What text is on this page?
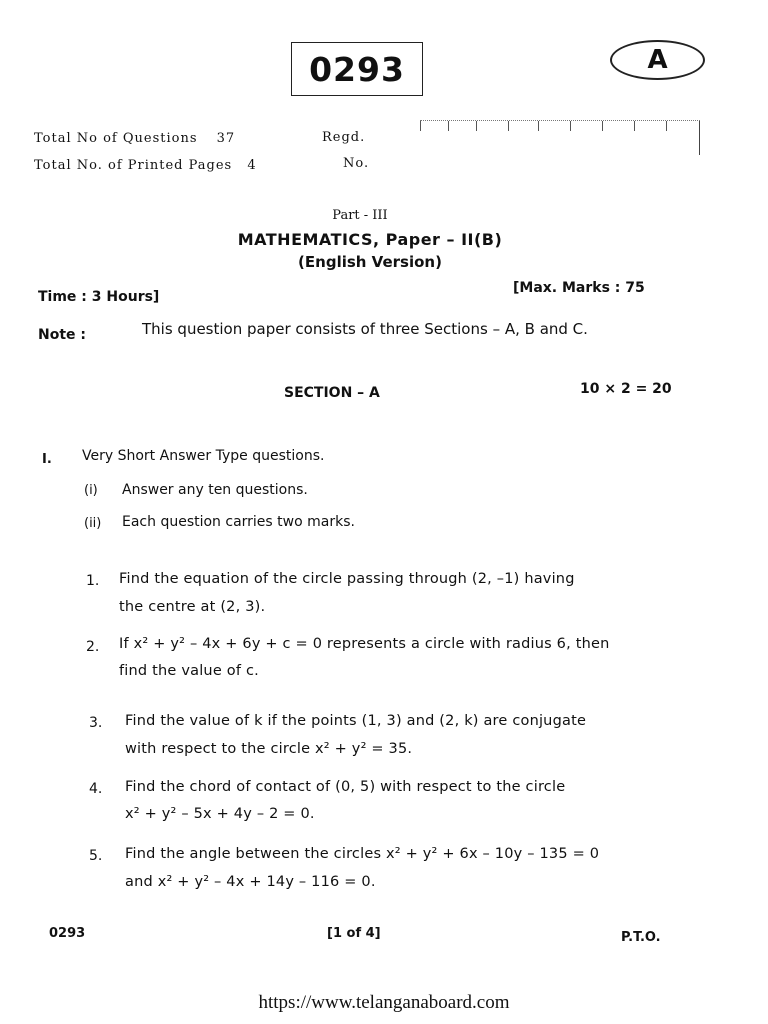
0293	A
Total No of Questions 37
Total No. of Printed Pages 4
Regd.
No.
Part - III
MATHEMATICS, Paper – II(B)
(English Version)
Time : 3 Hours]
[Max. Marks : 75
Note :	This question paper consists of three Sections – A, B and C.
SECTION – A	10 × 2 = 20
I. Very Short Answer Type questions.
(i) Answer any ten questions.
(ii) Each question carries two marks.
1. Find the equation of the circle passing through (2, –1) having
the centre at (2, 3).
2. If x² + y² – 4x + 6y + c = 0 represents a circle with radius 6, then
find the value of c.
3. Find the value of k if the points (1, 3) and (2, k) are conjugate
with respect to the circle x² + y² = 35.
4. Find the chord of contact of (0, 5) with respect to the circle
x² + y² – 5x + 4y – 2 = 0.
5. Find the angle between the circles x² + y² + 6x – 10y – 135 = 0
and x² + y² – 4x + 14y – 116 = 0.
0293	[1 of 4]	P.T.O.
https://www.telanganaboard.com
